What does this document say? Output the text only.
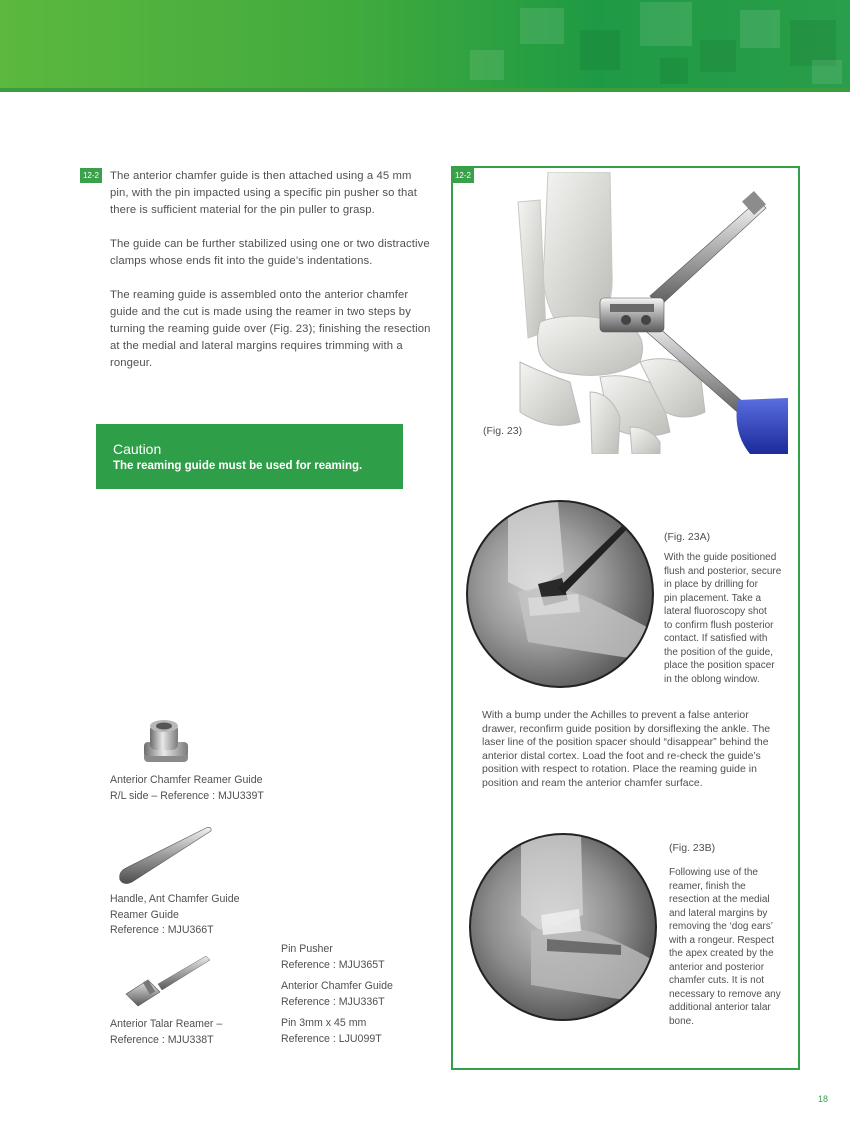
12-2 The anterior chamfer guide is then attached using a 45 mm pin, with the pin impacted using a specific pin pusher so that there is sufficient material for the pin puller to grasp.

The guide can be further stabilized using one or two distractive clamps whose ends fit into the guide’s indentations.

The reaming guide is assembled onto the anterior chamfer guide and the cut is made using the reamer in two steps by turning the reaming guide over (Fig. 23); finishing the resection at the medial and lateral margins requires trimming with a rongeur.

Caution
The reaming guide must be used for reaming.
Anterior Chamfer Reamer Guide
R/L side – Reference : MJU339T
Handle, Ant Chamfer Guide
Reamer Guide
Reference : MJU366T
Anterior Talar Reamer –
Reference : MJU338T
Pin Pusher
Reference : MJU365T
Anterior Chamfer Guide
Reference : MJU336T
Pin 3mm x 45 mm
Reference : LJU099T
12-2
(Fig. 23)
(Fig. 23A)
With the guide positioned
flush and posterior, secure
in place by drilling for
pin placement. Take a
lateral fluoroscopy shot
to confirm flush posterior
contact. If satisfied with
the position of the guide,
place the position spacer
in the oblong window.
With a bump under the Achilles to prevent a false anterior
drawer, reconfirm guide position by dorsiflexing the ankle. The
laser line of the position spacer should “disappear” behind the
anterior distal cortex. Load the foot and re-check the guide’s
position with respect to rotation. Place the reaming guide in
position and ream the anterior chamfer surface.
(Fig. 23B)
Following use of the
reamer, finish the
resection at the medial
and lateral margins by
removing the ‘dog ears’
with a rongeur. Respect
the apex created by the
anterior and posterior
chamfer cuts. It is not
necessary to remove any
additional anterior talar
bone.
18
